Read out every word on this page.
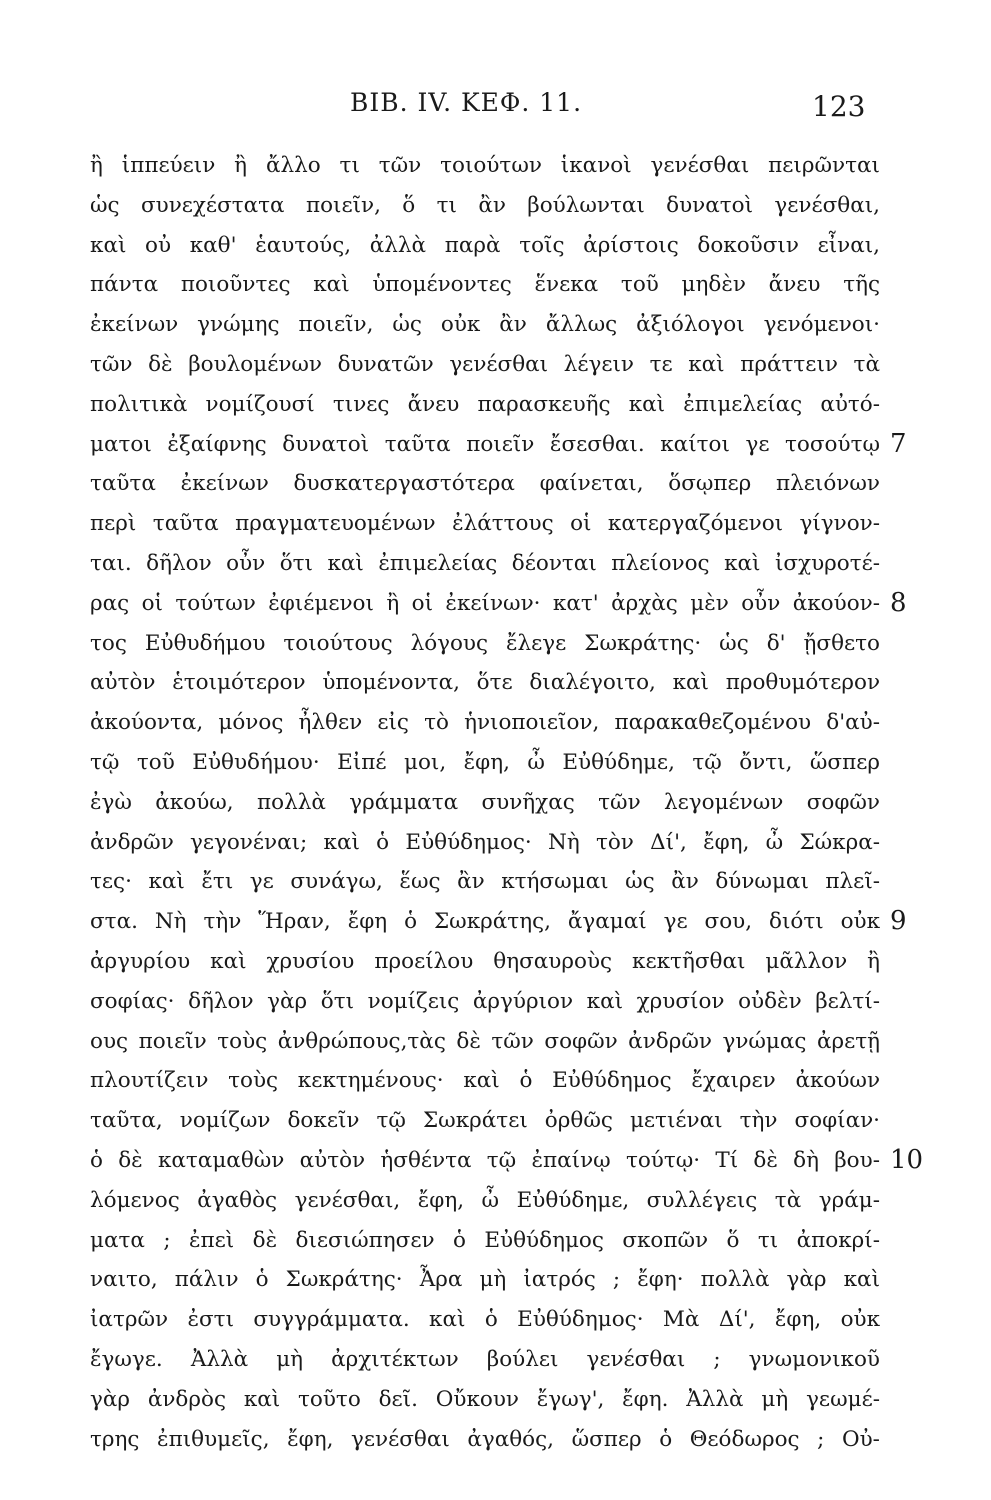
ΒΙΒ. ΙV. ΚΕΦ. 11.	123
ἢ ἱππεύειν ἢ ἄλλο τι τῶν τοιούτων ἱκανοὶ γενέσθαι πειρῶνται
ὡς συνεχέστατα ποιεῖν, ὅ τι ἂν βούλωνται δυνατοὶ γενέσθαι,
καὶ οὐ καθ' ἑαυτούς, ἀλλὰ παρὰ τοῖς ἀρίστοις δοκοῦσιν εἶναι,
πάντα ποιοῦντες καὶ ὑπομένοντες ἕνεκα τοῦ μηδὲν ἄνευ τῆς
ἐκείνων γνώμης ποιεῖν, ὡς οὐκ ἂν ἄλλως ἀξιόλογοι γενόμενοι·
τῶν δὲ βουλομένων δυνατῶν γενέσθαι λέγειν τε καὶ πράττειν τὰ
πολιτικὰ νομίζουσί τινες ἄνευ παρασκευῆς καὶ ἐπιμελείας αὐτό-
ματοι ἐξαίφνης δυνατοὶ ταῦτα ποιεῖν ἔσεσθαι. καίτοι γε τοσούτῳ 7
ταῦτα ἐκείνων δυσκατεργαστότερα φαίνεται, ὅσῳπερ πλειόνων
περὶ ταῦτα πραγματευομένων ἐλάττους οἱ κατεργαζόμενοι γίγνον-
ται. δῆλον οὖν ὅτι καὶ ἐπιμελείας δέονται πλείονος καὶ ἰσχυροτέ-
ρας οἱ τούτων ἐφιέμενοι ἢ οἱ ἐκείνων· κατ' ἀρχὰς μὲν οὖν ἀκούον- 8
τος Εὐθυδήμου τοιούτους λόγους ἔλεγε Σωκράτης· ὡς δ' ᾔσθετο
αὐτὸν ἑτοιμότερον ὑπομένοντα, ὅτε διαλέγοιτο, καὶ προθυμότερον
ἀκούοντα, μόνος ἦλθεν εἰς τὸ ἡνιοποιεῖον, παρακαθεζομένου δ'αὐ-
τῷ τοῦ Εὐθυδήμου· Εἰπέ μοι, ἔφη, ὦ Εὐθύδημε, τῷ ὄντι, ὥσπερ
ἐγὼ ἀκούω, πολλὰ γράμματα συνῆχας τῶν λεγομένων σοφῶν
ἀνδρῶν γεγονέναι; καὶ ὁ Εὐθύδημος· Νὴ τὸν Δί', ἔφη, ὦ Σώκρα-
τες· καὶ ἔτι γε συνάγω, ἕως ἂν κτήσωμαι ὡς ἂν δύνωμαι πλεῖ-
στα. Νὴ τὴν Ἥραν, ἔφη ὁ Σωκράτης, ἄγαμαί γε σου, διότι οὐκ 9
ἀργυρίου καὶ χρυσίου προείλου θησαυροὺς κεκτῆσθαι μᾶλλον ἢ
σοφίας· δῆλον γὰρ ὅτι νομίζεις ἀργύριον καὶ χρυσίον οὐδὲν βελτί-
ους ποιεῖν τοὺς ἀνθρώπους,τὰς δὲ τῶν σοφῶν ἀνδρῶν γνώμας ἀρετῇ
πλουτίζειν τοὺς κεκτημένους· καὶ ὁ Εὐθύδημος ἔχαιρεν ἀκούων
ταῦτα, νομίζων δοκεῖν τῷ Σωκράτει ὀρθῶς μετιέναι τὴν σοφίαν·
ὁ δὲ καταμαθὼν αὐτὸν ἡσθέντα τῷ ἐπαίνῳ τούτῳ· Τί δὲ δὴ βου- 10
λόμενος ἀγαθὸς γενέσθαι, ἔφη, ὦ Εὐθύδημε, συλλέγεις τὰ γράμ-
ματα ; ἐπεὶ δὲ διεσιώπησεν ὁ Εὐθύδημος σκοπῶν ὅ τι ἀποκρί-
ναιτο, πάλιν ὁ Σωκράτης· Ἆρα μὴ ἰατρός ; ἔφη· πολλὰ γὰρ καὶ
ἰατρῶν ἐστι συγγράμματα. καὶ ὁ Εὐθύδημος· Μὰ Δί', ἔφη, οὐκ
ἔγωγε. Ἀλλὰ μὴ ἀρχιτέκτων βούλει γενέσθαι ; γνωμονικοῦ
γὰρ ἀνδρὸς καὶ τοῦτο δεῖ. Οὔκουν ἔγωγ', ἔφη. Ἀλλὰ μὴ γεωμέ-
τρης ἐπιθυμεῖς, ἔφη, γενέσθαι ἀγαθός, ὥσπερ ὁ Θεόδωρος ; Οὐ-
